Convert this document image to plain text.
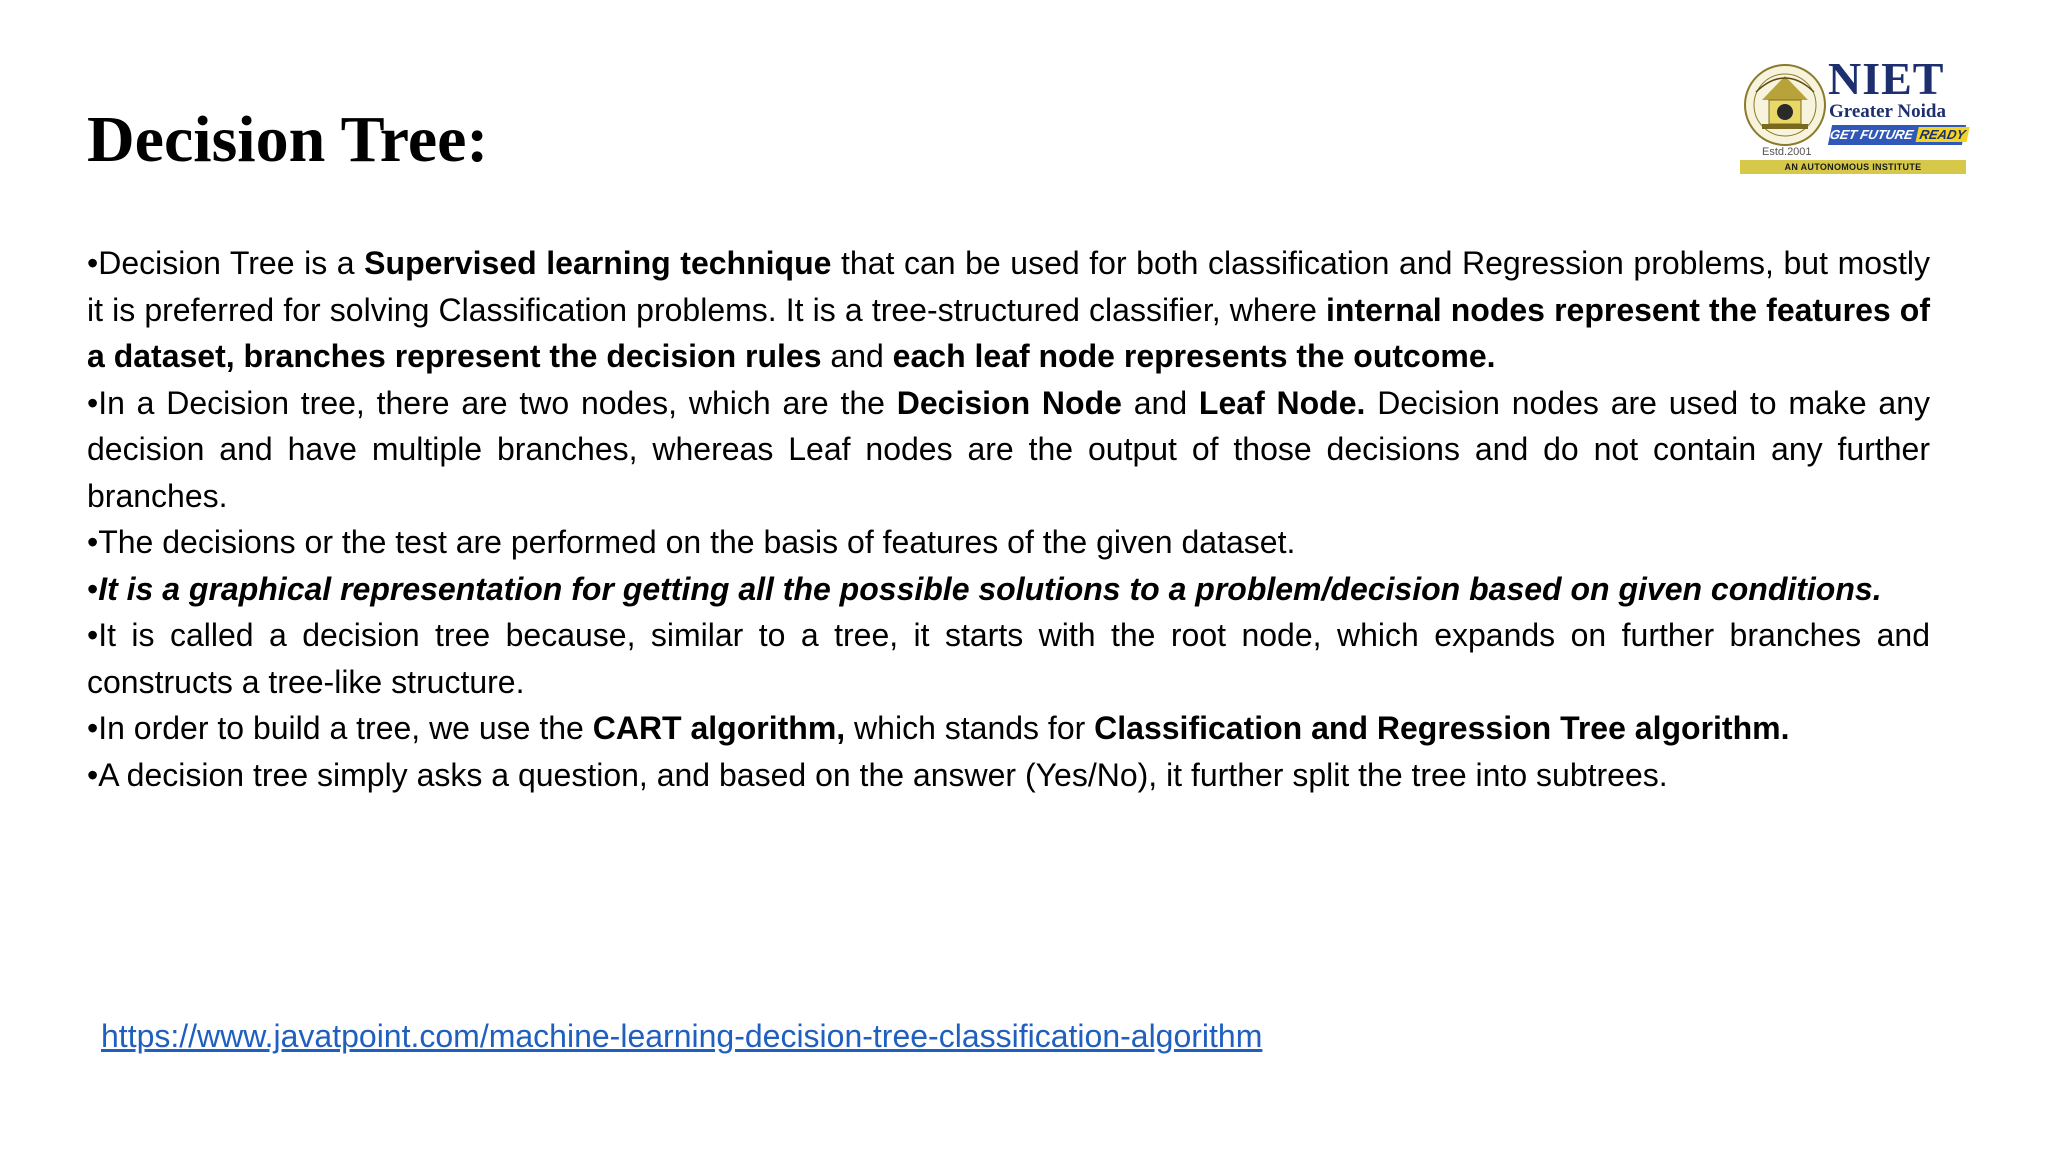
Decision Tree:
NIET
Greater Noida
GET FUTURE READY
Estd.2001
AN AUTONOMOUS INSTITUTE

•Decision Tree is a Supervised learning technique that can be used for both classification and Regression problems, but mostly it is preferred for solving Classification problems. It is a tree-structured classifier, where internal nodes represent the features of a dataset, branches represent the decision rules and each leaf node represents the outcome.

•In a Decision tree, there are two nodes, which are the Decision Node and Leaf Node. Decision nodes are used to make any decision and have multiple branches, whereas Leaf nodes are the output of those decisions and do not contain any further branches.

•The decisions or the test are performed on the basis of features of the given dataset.

•It is a graphical representation for getting all the possible solutions to a problem/decision based on given conditions.

•It is called a decision tree because, similar to a tree, it starts with the root node, which expands on further branches and constructs a tree-like structure.

•In order to build a tree, we use the CART algorithm, which stands for Classification and Regression Tree algorithm.

•A decision tree simply asks a question, and based on the answer (Yes/No), it further split the tree into subtrees.

https://www.javatpoint.com/machine-learning-decision-tree-classification-algorithm
